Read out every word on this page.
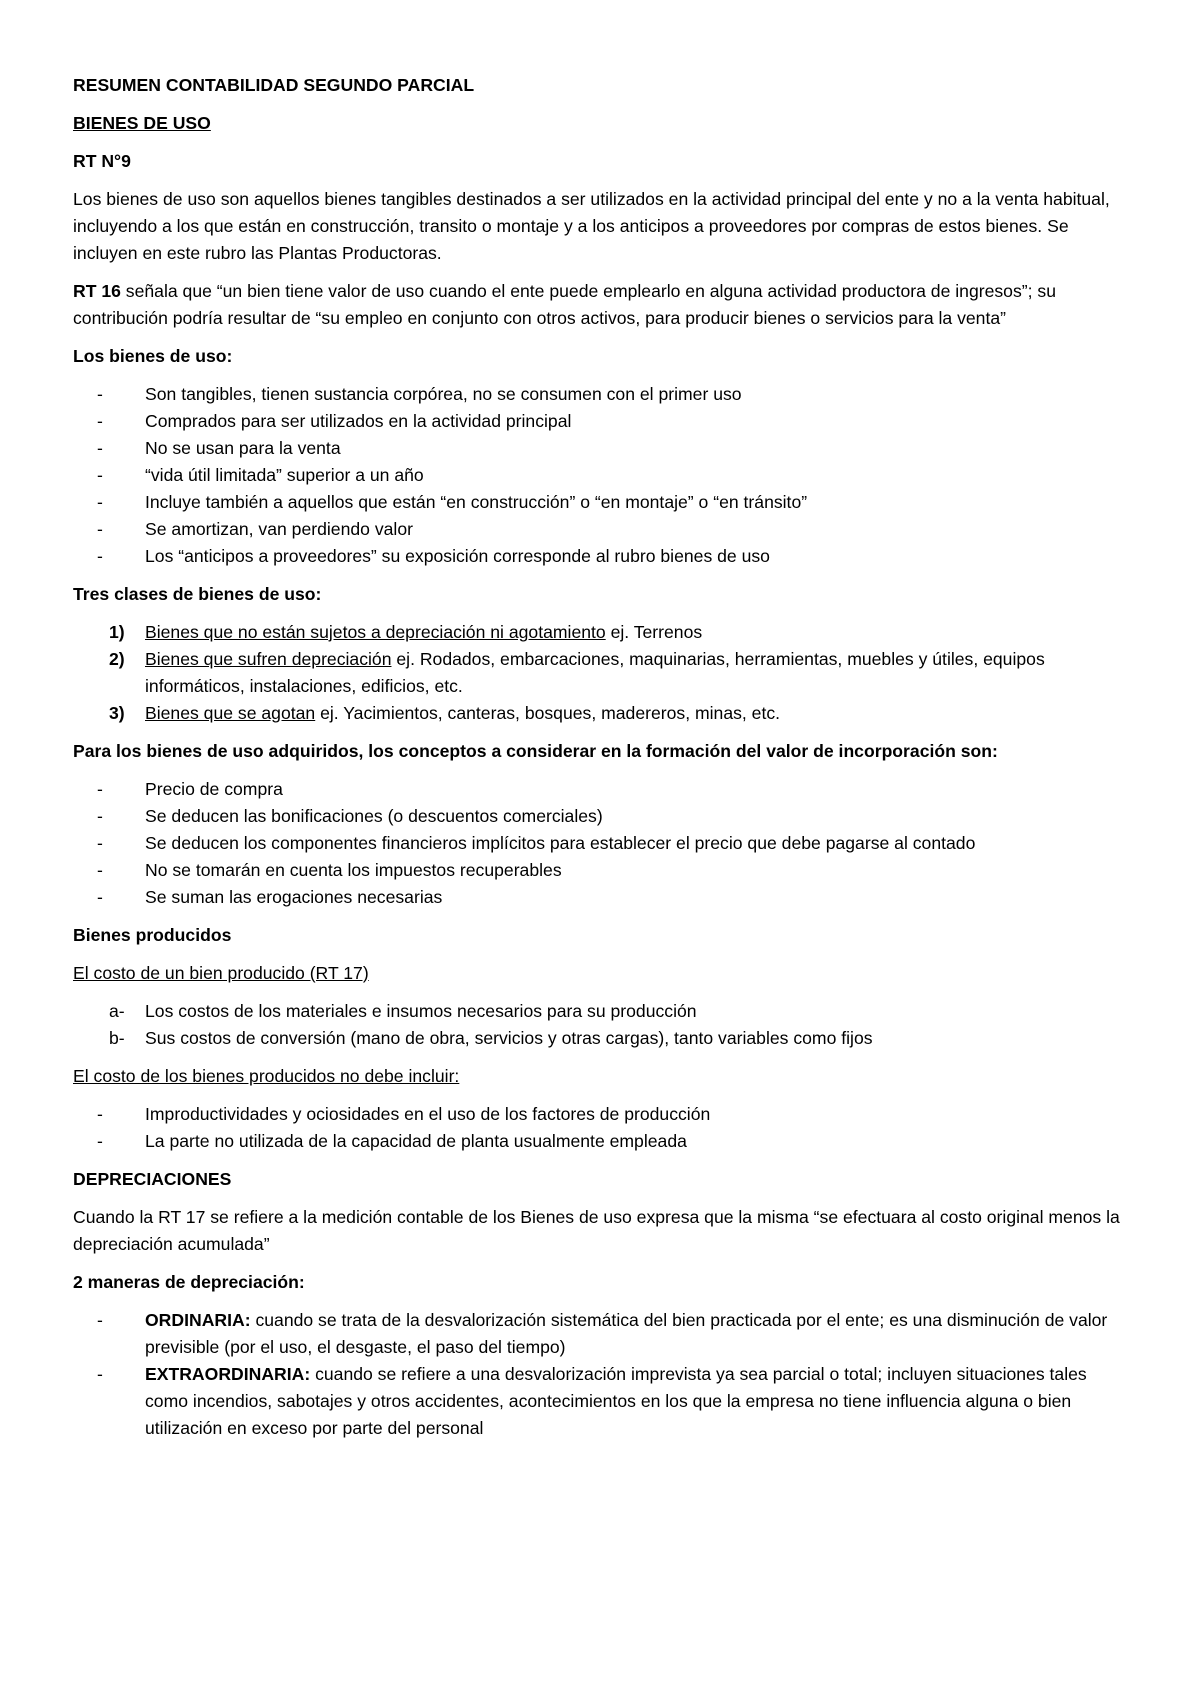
RESUMEN CONTABILIDAD SEGUNDO PARCIAL

BIENES DE USO

RT N°9

Los bienes de uso son aquellos bienes tangibles destinados a ser utilizados en la actividad principal del ente y no a la venta habitual, incluyendo a los que están en construcción, transito o montaje y a los anticipos a proveedores por compras de estos bienes. Se incluyen en este rubro las Plantas Productoras.

RT 16 señala que “un bien tiene valor de uso cuando el ente puede emplearlo en alguna actividad productora de ingresos”; su contribución podría resultar de “su empleo en conjunto con otros activos, para producir bienes o servicios para la venta”

Los bienes de uso:

- Son tangibles, tienen sustancia corpórea, no se consumen con el primer uso
- Comprados para ser utilizados en la actividad principal
- No se usan para la venta
- “vida útil limitada” superior a un año
- Incluye también a aquellos que están “en construcción” o “en montaje” o “en tránsito”
- Se amortizan, van perdiendo valor
- Los “anticipos a proveedores” su exposición corresponde al rubro bienes de uso

Tres clases de bienes de uso:

1) Bienes que no están sujetos a depreciación ni agotamiento ej. Terrenos
2) Bienes que sufren depreciación ej. Rodados, embarcaciones, maquinarias, herramientas, muebles y útiles, equipos informáticos, instalaciones, edificios, etc.
3) Bienes que se agotan ej. Yacimientos, canteras, bosques, madereros, minas, etc.

Para los bienes de uso adquiridos, los conceptos a considerar en la formación del valor de incorporación son:

- Precio de compra
- Se deducen las bonificaciones (o descuentos comerciales)
- Se deducen los componentes financieros implícitos para establecer el precio que debe pagarse al contado
- No se tomarán en cuenta los impuestos recuperables
- Se suman las erogaciones necesarias

Bienes producidos

El costo de un bien producido (RT 17)

a- Los costos de los materiales e insumos necesarios para su producción
b- Sus costos de conversión (mano de obra, servicios y otras cargas), tanto variables como fijos

El costo de los bienes producidos no debe incluir:

- Improductividades y ociosidades en el uso de los factores de producción
- La parte no utilizada de la capacidad de planta usualmente empleada

DEPRECIACIONES

Cuando la RT 17 se refiere a la medición contable de los Bienes de uso expresa que la misma “se efectuara al costo original menos la depreciación acumulada”

2 maneras de depreciación:

- ORDINARIA: cuando se trata de la desvalorización sistemática del bien practicada por el ente; es una disminución de valor previsible (por el uso, el desgaste, el paso del tiempo)
- EXTRAORDINARIA: cuando se refiere a una desvalorización imprevista ya sea parcial o total; incluyen situaciones tales como incendios, sabotajes y otros accidentes, acontecimientos en los que la empresa no tiene influencia alguna o bien utilización en exceso por parte del personal
